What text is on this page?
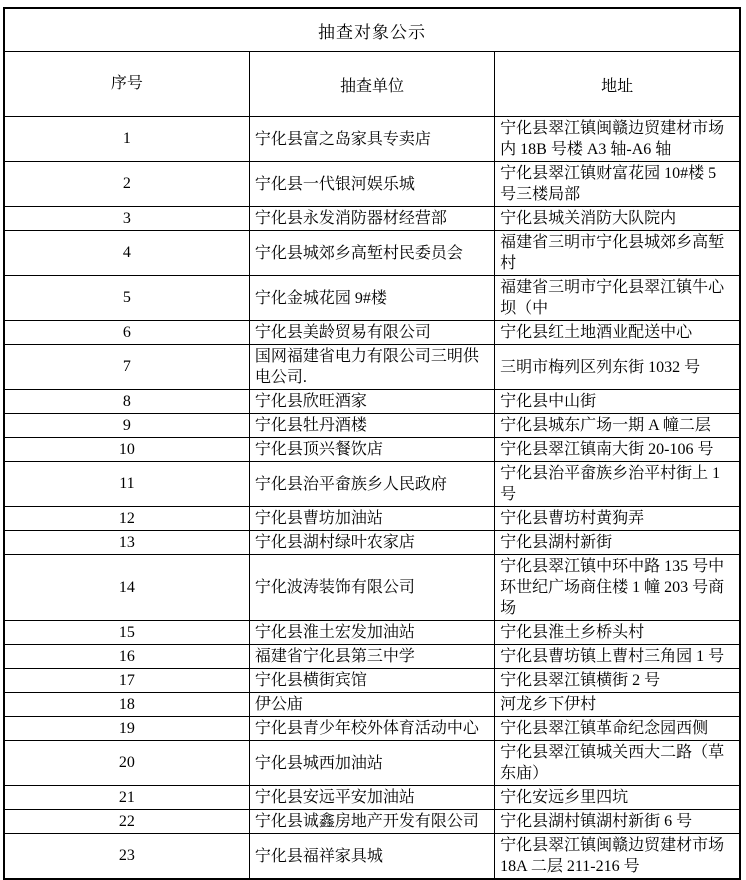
抽查对象公示		
序号	抽查单位	地址
1	宁化县富之岛家具专卖店	宁化县翠江镇闽赣边贸建材市场内 18B 号楼 A3 轴-A6 轴
2	宁化县一代银河娱乐城	宁化县翠江镇财富花园 10#楼 5 号三楼局部
3	宁化县永发消防器材经营部	宁化县城关消防大队院内
4	宁化县城郊乡高堑村民委员会	福建省三明市宁化县城郊乡高堑村
5	宁化金城花园 9#楼	福建省三明市宁化县翠江镇牛心坝（中
6	宁化县美龄贸易有限公司	宁化县红土地酒业配送中心
7	国网福建省电力有限公司三明供电公司.	三明市梅列区列东街 1032 号
8	宁化县欣旺酒家	宁化县中山街
9	宁化县牡丹酒楼	宁化县城东广场一期 A 幢二层
10	宁化县顶兴餐饮店	宁化县翠江镇南大街 20-106 号
11	宁化县治平畲族乡人民政府	宁化县治平畲族乡治平村街上 1 号
12	宁化县曹坊加油站	宁化县曹坊村黄狗弄
13	宁化县湖村绿叶农家店	宁化县湖村新街
14	宁化波涛装饰有限公司	宁化县翠江镇中环中路 135 号中环世纪广场商住楼 1 幢 203 号商场
15	宁化县淮土宏发加油站	宁化县淮土乡桥头村
16	福建省宁化县第三中学	宁化县曹坊镇上曹村三角园 1 号
17	宁化县横街宾馆	宁化县翠江镇横街 2 号
18	伊公庙	河龙乡下伊村
19	宁化县青少年校外体育活动中心	宁化县翠江镇革命纪念园西侧
20	宁化县城西加油站	宁化县翠江镇城关西大二路（草东庙）
21	宁化县安远平安加油站	宁化安远乡里四坑
22	宁化县诚鑫房地产开发有限公司	宁化县湖村镇湖村新街 6 号
23	宁化县福祥家具城	宁化县翠江镇闽赣边贸建材市场 18A 二层 211-216 号
